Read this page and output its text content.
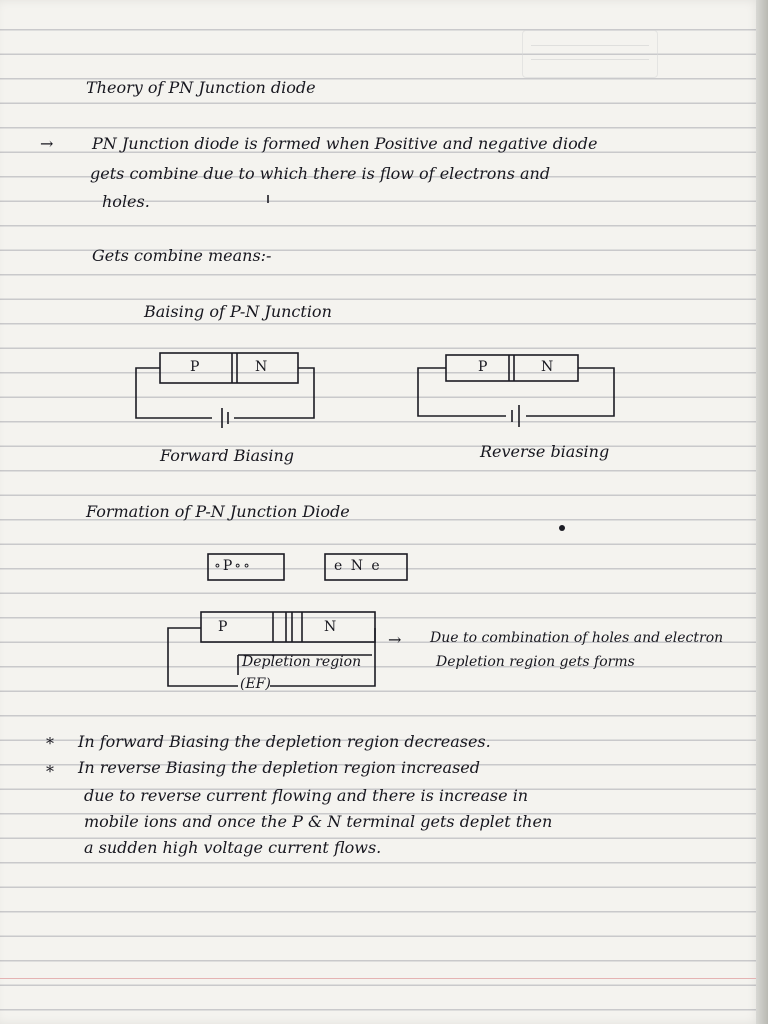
Theory of PN Junction diode
→ PN Junction diode is formed when Positive and negative diode
gets combine due to which there is flow of electrons and
holes.
Gets combine means:-
Baising of P-N Junction
P	N
Forward Biasing
P	N
Reverse biasing
Formation of P-N Junction Diode
∘P∘∘	e N e
P	N
Depletion region
(EF)
→ Due to combination of holes and electron
Depletion region gets forms
* In forward Biasing the depletion region decreases.
* In reverse Biasing the depletion region increased
due to reverse current flowing and there is increase in
mobile ions and once the P & N terminal gets deplet then
a sudden high voltage current flows.
